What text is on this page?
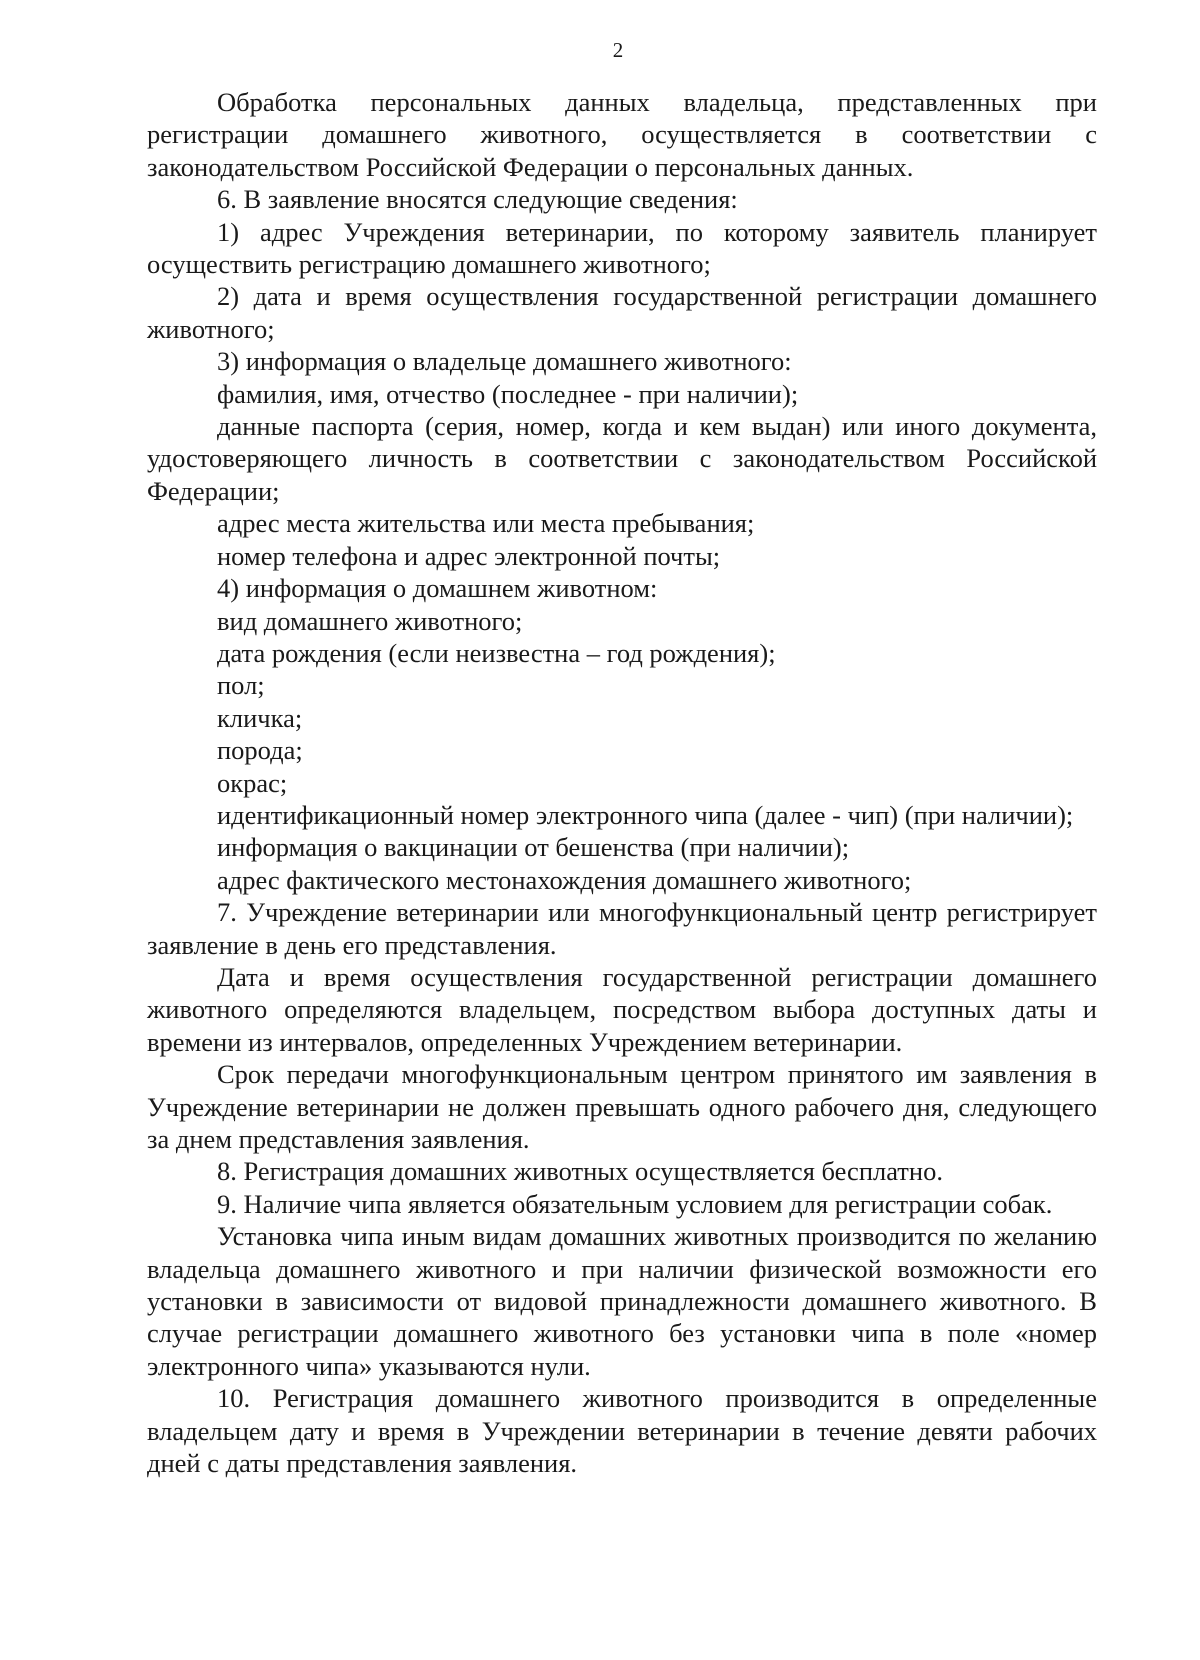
2

Обработка персональных данных владельца, представленных при регистрации домашнего животного, осуществляется в соответствии с законодательством Российской Федерации о персональных данных.

6. В заявление вносятся следующие сведения:

1) адрес Учреждения ветеринарии, по которому заявитель планирует осуществить регистрацию домашнего животного;

2) дата и время осуществления государственной регистрации домашнего животного;

3) информация о владельце домашнего животного:

фамилия, имя, отчество (последнее - при наличии);

данные паспорта (серия, номер, когда и кем выдан) или иного документа, удостоверяющего личность в соответствии с законодательством Российской Федерации;

адрес места жительства или места пребывания;

номер телефона и адрес электронной почты;

4) информация о домашнем животном:

вид домашнего животного;

дата рождения (если неизвестна – год рождения);

пол;

кличка;

порода;

окрас;

идентификационный номер электронного чипа (далее - чип) (при наличии);

информация о вакцинации от бешенства (при наличии);

адрес фактического местонахождения домашнего животного;

7. Учреждение ветеринарии или многофункциональный центр регистрирует заявление в день его представления.

Дата и время осуществления государственной регистрации домашнего животного определяются владельцем, посредством выбора доступных даты и времени из интервалов, определенных Учреждением ветеринарии.

Срок передачи многофункциональным центром принятого им заявления в Учреждение ветеринарии не должен превышать одного рабочего дня, следующего за днем представления заявления.

8. Регистрация домашних животных осуществляется бесплатно.

9. Наличие чипа является обязательным условием для регистрации собак.

Установка чипа иным видам домашних животных производится по желанию владельца домашнего животного и при наличии физической возможности его установки в зависимости от видовой принадлежности домашнего животного. В случае регистрации домашнего животного без установки чипа в поле «номер электронного чипа» указываются нули.

10. Регистрация домашнего животного производится в определенные владельцем дату и время в Учреждении ветеринарии в течение девяти рабочих дней с даты представления заявления.
